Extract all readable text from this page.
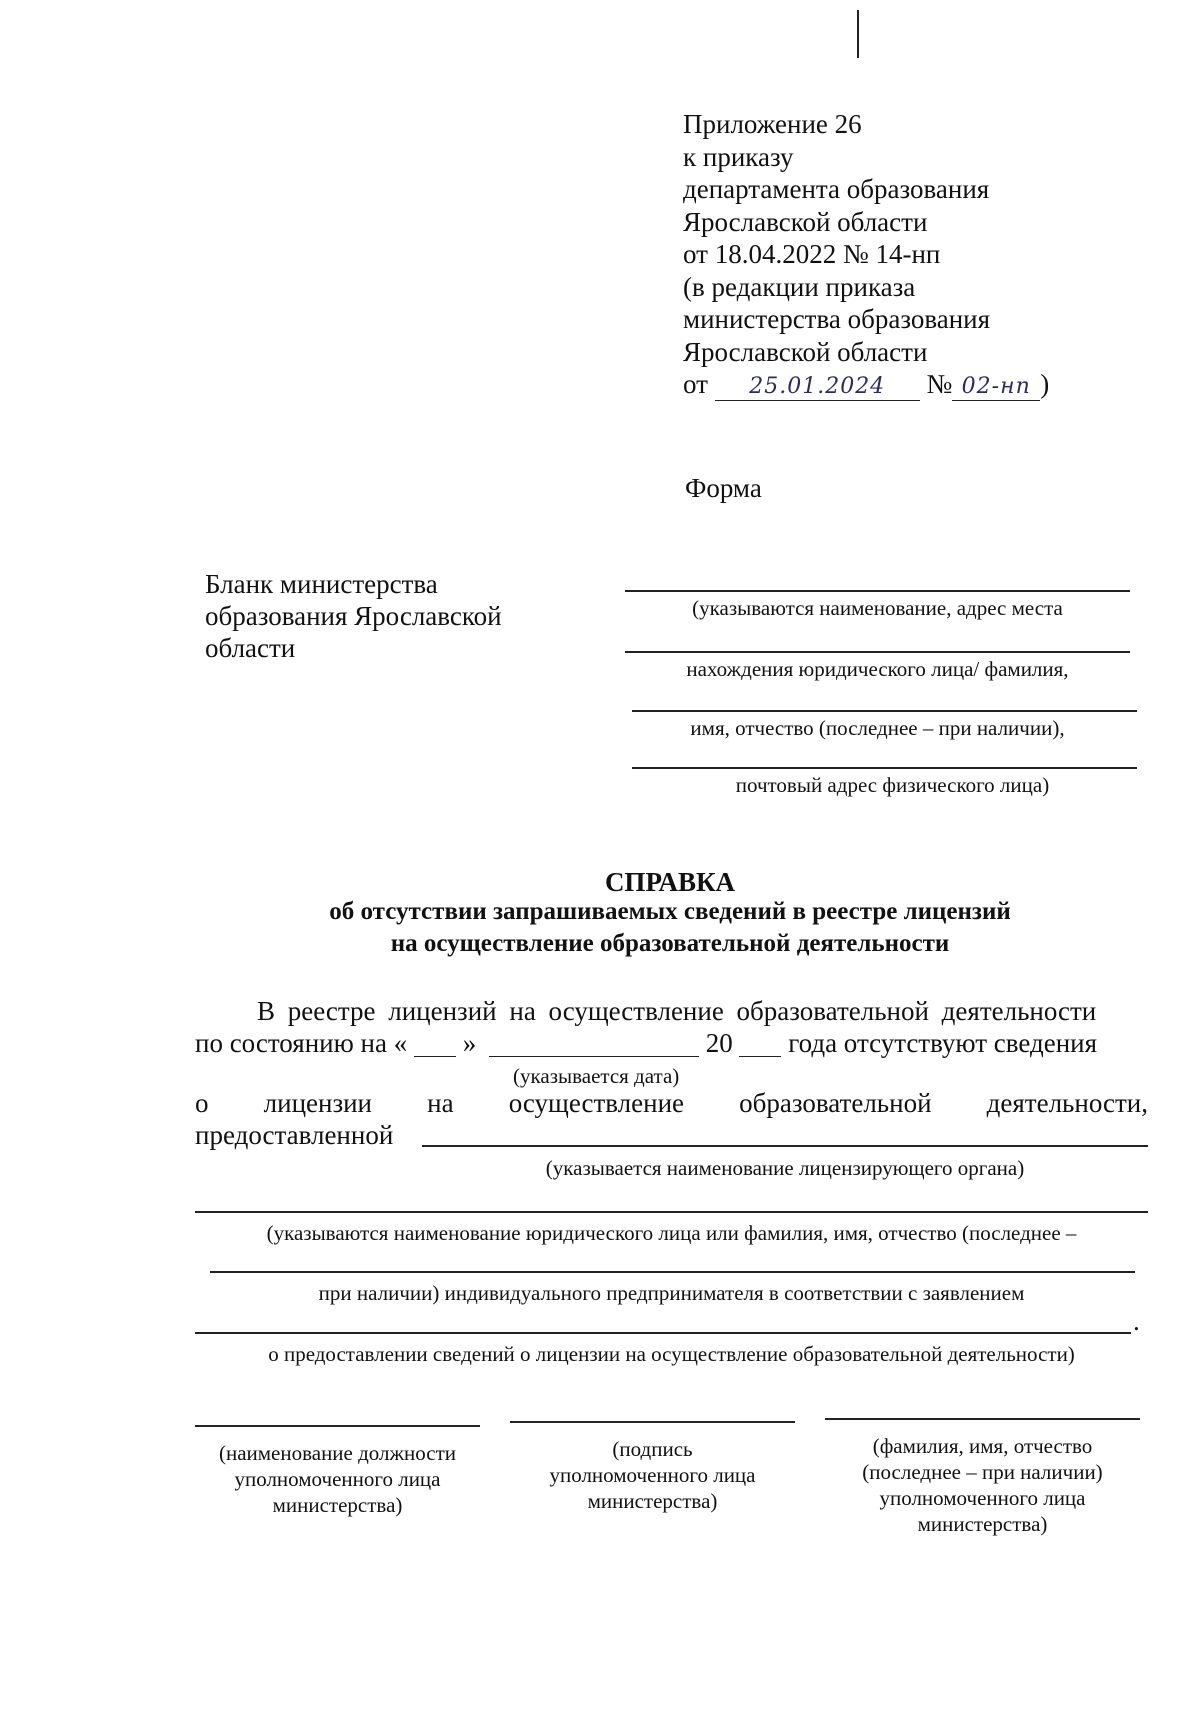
Приложение 26
к приказу
департамента образования
Ярославской области
от 18.04.2022 № 14-нп
(в редакции приказа
министерства образования
Ярославской области
от 25.01.2024 № 02-нп )
Форма
Бланк министерства
образования Ярославской
области
(указываются наименование, адрес места
нахождения юридического лица/ фамилия,
имя, отчество (последнее – при наличии),
почтовый адрес физического лица)
СПРАВКА
об отсутствии запрашиваемых сведений в реестре лицензий
на осуществление образовательной деятельности
В реестре лицензий на осуществление образовательной деятельности
по состоянию на « »	20 года отсутствуют сведения
(указывается дата)
о лицензии на осуществление образовательной деятельности,
предоставленной
(указывается наименование лицензирующего органа)
(указываются наименование юридического лица или фамилия, имя, отчество (последнее –
при наличии) индивидуального предпринимателя в соответствии с заявлением
.
о предоставлении сведений о лицензии на осуществление образовательной деятельности)
(наименование должности
уполномоченного лица
министерства)
(подпись
уполномоченного лица
министерства)
(фамилия, имя, отчество
(последнее – при наличии)
уполномоченного лица
министерства)
